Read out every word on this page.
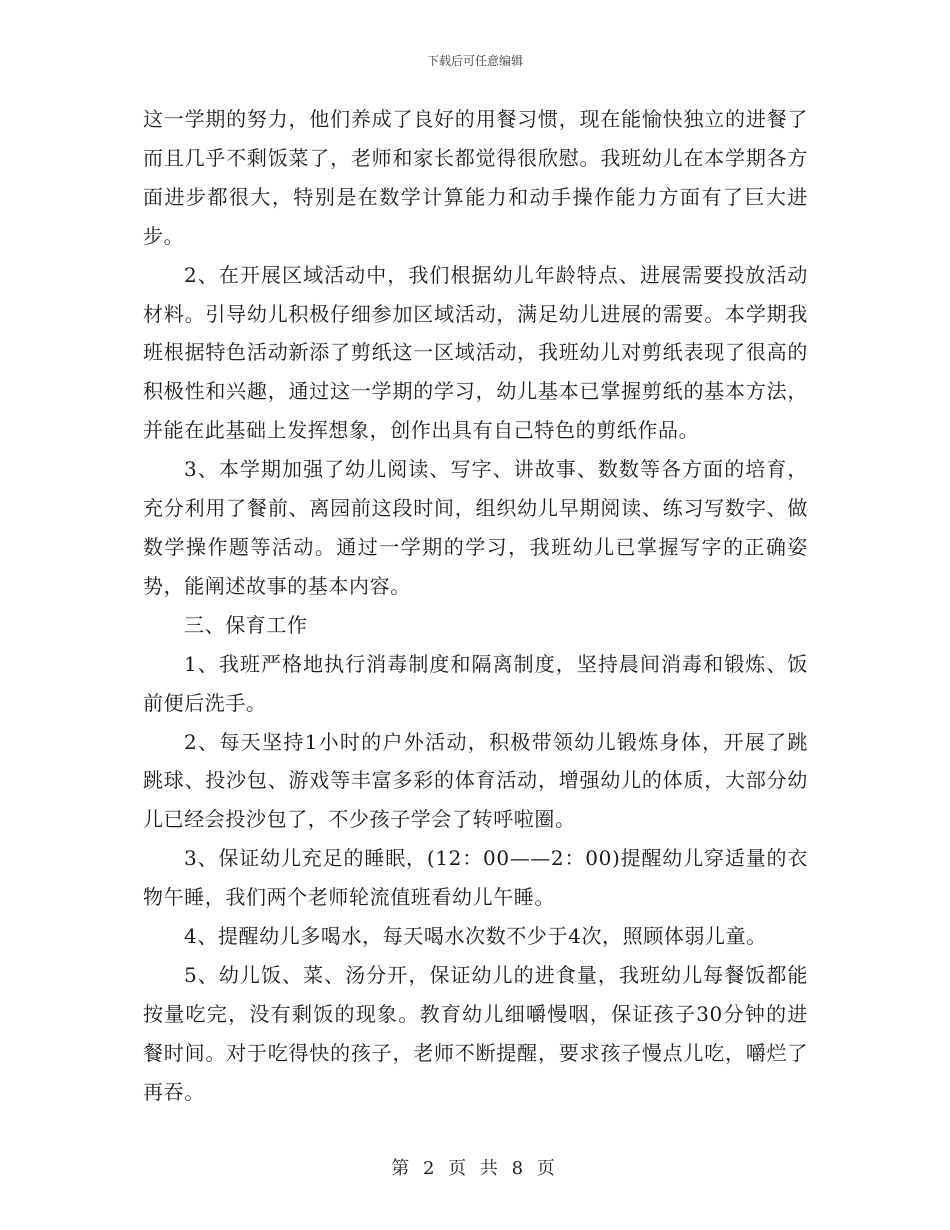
下载后可任意编辑

这一学期的努力，他们养成了良好的用餐习惯，现在能愉快独立的进餐了而且几乎不剩饭菜了，老师和家长都觉得很欣慰。我班幼儿在本学期各方面进步都很大，特别是在数学计算能力和动手操作能力方面有了巨大进步。

2、在开展区域活动中，我们根据幼儿年龄特点、进展需要投放活动材料。引导幼儿积极仔细参加区域活动，满足幼儿进展的需要。本学期我班根据特色活动新添了剪纸这一区域活动，我班幼儿对剪纸表现了很高的积极性和兴趣，通过这一学期的学习，幼儿基本已掌握剪纸的基本方法，并能在此基础上发挥想象，创作出具有自己特色的剪纸作品。

3、本学期加强了幼儿阅读、写字、讲故事、数数等各方面的培育，充分利用了餐前、离园前这段时间，组织幼儿早期阅读、练习写数字、做数学操作题等活动。通过一学期的学习，我班幼儿已掌握写字的正确姿势，能阐述故事的基本内容。

三、保育工作

1、我班严格地执行消毒制度和隔离制度，坚持晨间消毒和锻炼、饭前便后洗手。

2、每天坚持1小时的户外活动，积极带领幼儿锻炼身体，开展了跳跳球、投沙包、游戏等丰富多彩的体育活动，增强幼儿的体质，大部分幼儿已经会投沙包了，不少孩子学会了转呼啦圈。

3、保证幼儿充足的睡眠，(12：00——2：00)提醒幼儿穿适量的衣物午睡，我们两个老师轮流值班看幼儿午睡。

4、提醒幼儿多喝水，每天喝水次数不少于4次，照顾体弱儿童。

5、幼儿饭、菜、汤分开，保证幼儿的进食量，我班幼儿每餐饭都能按量吃完，没有剩饭的现象。教育幼儿细嚼慢咽，保证孩子30分钟的进餐时间。对于吃得快的孩子，老师不断提醒，要求孩子慢点儿吃，嚼烂了再吞。

第 2 页 共 8 页
